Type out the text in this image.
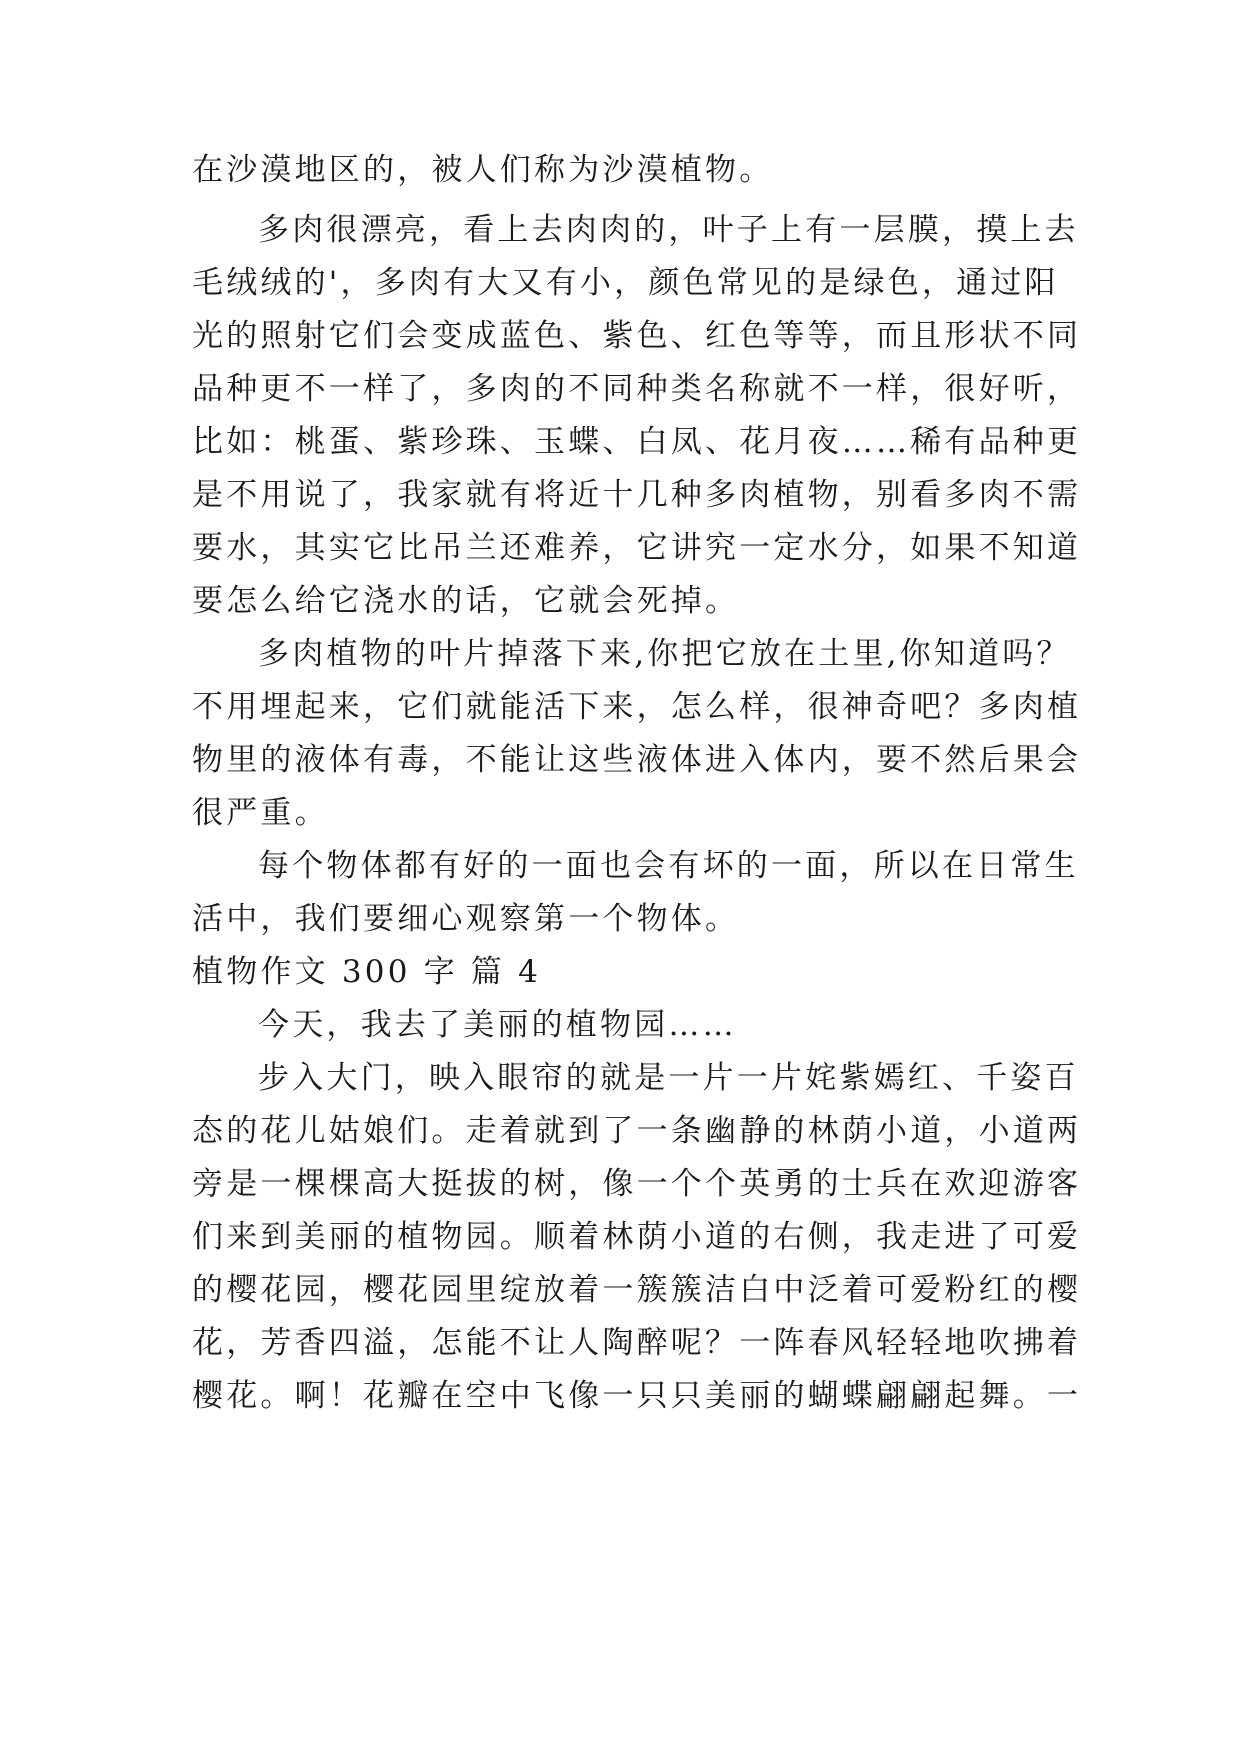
在沙漠地区的，被人们称为沙漠植物。
多肉很漂亮，看上去肉肉的，叶子上有一层膜，摸上去
毛绒绒的'，多肉有大又有小，颜色常见的是绿色，通过阳
光的照射它们会变成蓝色、紫色、红色等等，而且形状不同
品种更不一样了，多肉的不同种类名称就不一样，很好听，
比如：桃蛋、紫珍珠、玉蝶、白凤、花月夜……稀有品种更
是不用说了，我家就有将近十几种多肉植物，别看多肉不需
要水，其实它比吊兰还难养，它讲究一定水分，如果不知道
要怎么给它浇水的话，它就会死掉。
多肉植物的叶片掉落下来,你把它放在土里,你知道吗？
不用埋起来，它们就能活下来，怎么样，很神奇吧？多肉植
物里的液体有毒，不能让这些液体进入体内，要不然后果会
很严重。
每个物体都有好的一面也会有坏的一面，所以在日常生
活中，我们要细心观察第一个物体。
植物作文 300 字 篇 4
今天，我去了美丽的植物园……
步入大门，映入眼帘的就是一片一片姹紫嫣红、千姿百
态的花儿姑娘们。走着就到了一条幽静的林荫小道，小道两
旁是一棵棵高大挺拔的树，像一个个英勇的士兵在欢迎游客
们来到美丽的植物园。顺着林荫小道的右侧，我走进了可爱
的樱花园，樱花园里绽放着一簇簇洁白中泛着可爱粉红的樱
花，芳香四溢，怎能不让人陶醉呢？一阵春风轻轻地吹拂着
樱花。啊！花瓣在空中飞像一只只美丽的蝴蝶翩翩起舞。一
